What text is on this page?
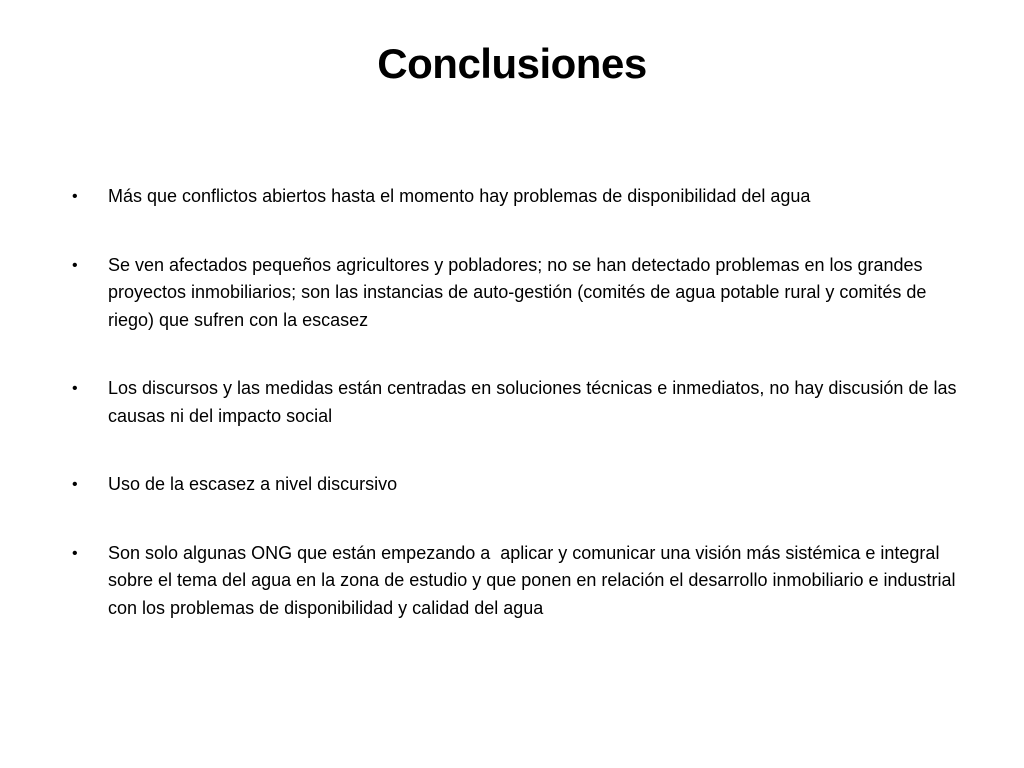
Conclusiones
•	Más que conflictos abiertos hasta el momento hay problemas de disponibilidad del agua
•	Se ven afectados pequeños agricultores y pobladores; no se han detectado problemas en los grandes proyectos inmobiliarios; son las instancias de auto-gestión (comités de agua potable rural y comités de riego) que sufren con la escasez
•	Los discursos y las medidas están centradas en soluciones técnicas e inmediatos, no hay discusión de las causas ni del impacto social
•	Uso de la escasez a nivel discursivo
•	Son solo algunas ONG que están empezando a  aplicar y comunicar una visión más sistémica e integral sobre el tema del agua en la zona de estudio y que ponen en relación el desarrollo inmobiliario e industrial con los problemas de disponibilidad y calidad del agua
